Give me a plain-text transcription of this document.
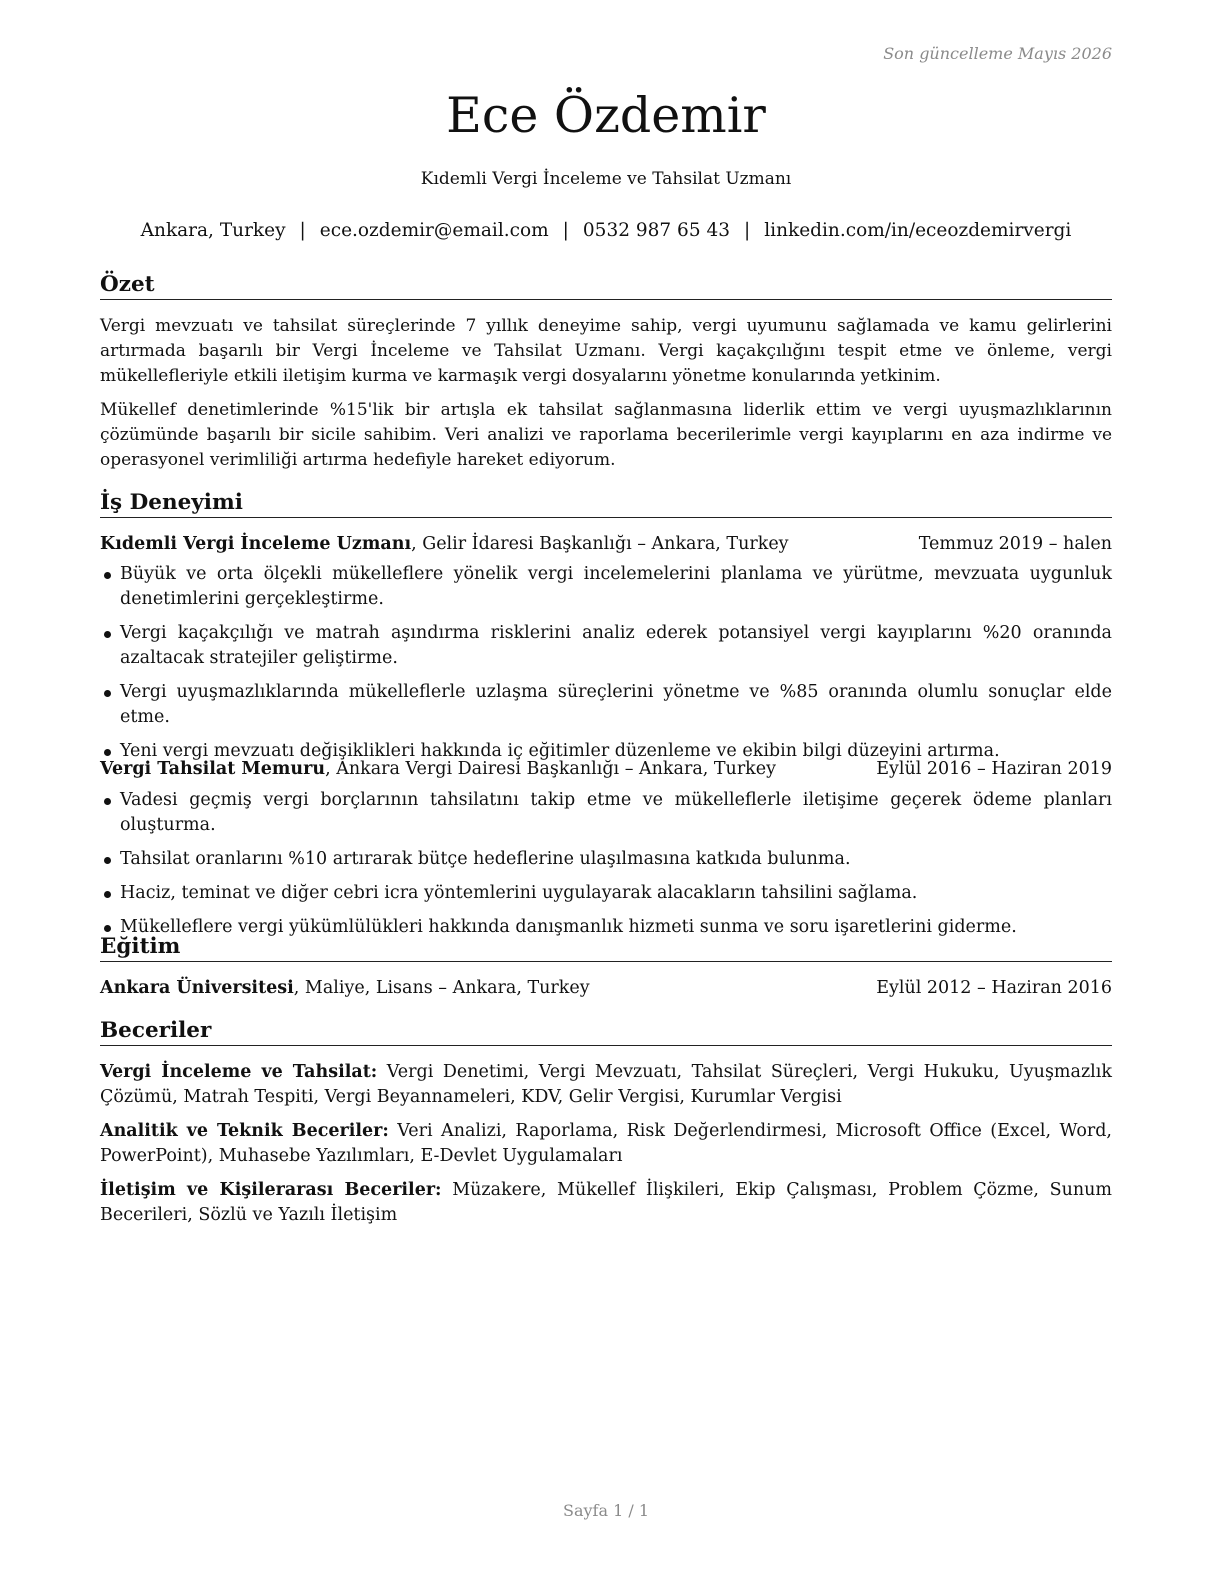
Son güncelleme Mayıs 2026
Ece Özdemir
Kıdemli Vergi İnceleme ve Tahsilat Uzmanı
Ankara, Turkey | ece.ozdemir@email.com | 0532 987 65 43 | linkedin.com/in/eceozdemirvergi
Özet
Vergi mevzuatı ve tahsilat süreçlerinde 7 yıllık deneyime sahip, vergi uyumunu sağlamada ve kamu gelirlerini artırmada başarılı bir Vergi İnceleme ve Tahsilat Uzmanı. Vergi kaçakçılığını tespit etme ve önleme, vergi mükellefleriyle etkili iletişim kurma ve karmaşık vergi dosyalarını yönetme konularında yetkinim.
Mükellef denetimlerinde %15'lik bir artışla ek tahsilat sağlanmasına liderlik ettim ve vergi uyuşmazlıklarının çözümünde başarılı bir sicile sahibim. Veri analizi ve raporlama becerilerimle vergi kayıplarını en aza indirme ve operasyonel verimliliği artırma hedefiyle hareket ediyorum.
İş Deneyimi
Kıdemli Vergi İnceleme Uzmanı, Gelir İdaresi Başkanlığı – Ankara, Turkey	Temmuz 2019 – halen
Büyük ve orta ölçekli mükelleflere yönelik vergi incelemelerini planlama ve yürütme, mevzuata uygunluk denetimlerini gerçekleştirme.
Vergi kaçakçılığı ve matrah aşındırma risklerini analiz ederek potansiyel vergi kayıplarını %20 oranında azaltacak stratejiler geliştirme.
Vergi uyuşmazlıklarında mükelleflerle uzlaşma süreçlerini yönetme ve %85 oranında olumlu sonuçlar elde etme.
Yeni vergi mevzuatı değişiklikleri hakkında iç eğitimler düzenleme ve ekibin bilgi düzeyini artırma.
Vergi Tahsilat Memuru, Ankara Vergi Dairesi Başkanlığı – Ankara, Turkey	Eylül 2016 – Haziran 2019
Vadesi geçmiş vergi borçlarının tahsilatını takip etme ve mükelleflerle iletişime geçerek ödeme planları oluşturma.
Tahsilat oranlarını %10 artırarak bütçe hedeflerine ulaşılmasına katkıda bulunma.
Haciz, teminat ve diğer cebri icra yöntemlerini uygulayarak alacakların tahsilini sağlama.
Mükelleflere vergi yükümlülükleri hakkında danışmanlık hizmeti sunma ve soru işaretlerini giderme.
Eğitim
Ankara Üniversitesi, Maliye, Lisans – Ankara, Turkey	Eylül 2012 – Haziran 2016
Beceriler
Vergi İnceleme ve Tahsilat: Vergi Denetimi, Vergi Mevzuatı, Tahsilat Süreçleri, Vergi Hukuku, Uyuşmazlık Çözümü, Matrah Tespiti, Vergi Beyannameleri, KDV, Gelir Vergisi, Kurumlar Vergisi
Analitik ve Teknik Beceriler: Veri Analizi, Raporlama, Risk Değerlendirmesi, Microsoft Office (Excel, Word, PowerPoint), Muhasebe Yazılımları, E-Devlet Uygulamaları
İletişim ve Kişilerarası Beceriler: Müzakere, Mükellef İlişkileri, Ekip Çalışması, Problem Çözme, Sunum Becerileri, Sözlü ve Yazılı İletişim
Sayfa 1 / 1
